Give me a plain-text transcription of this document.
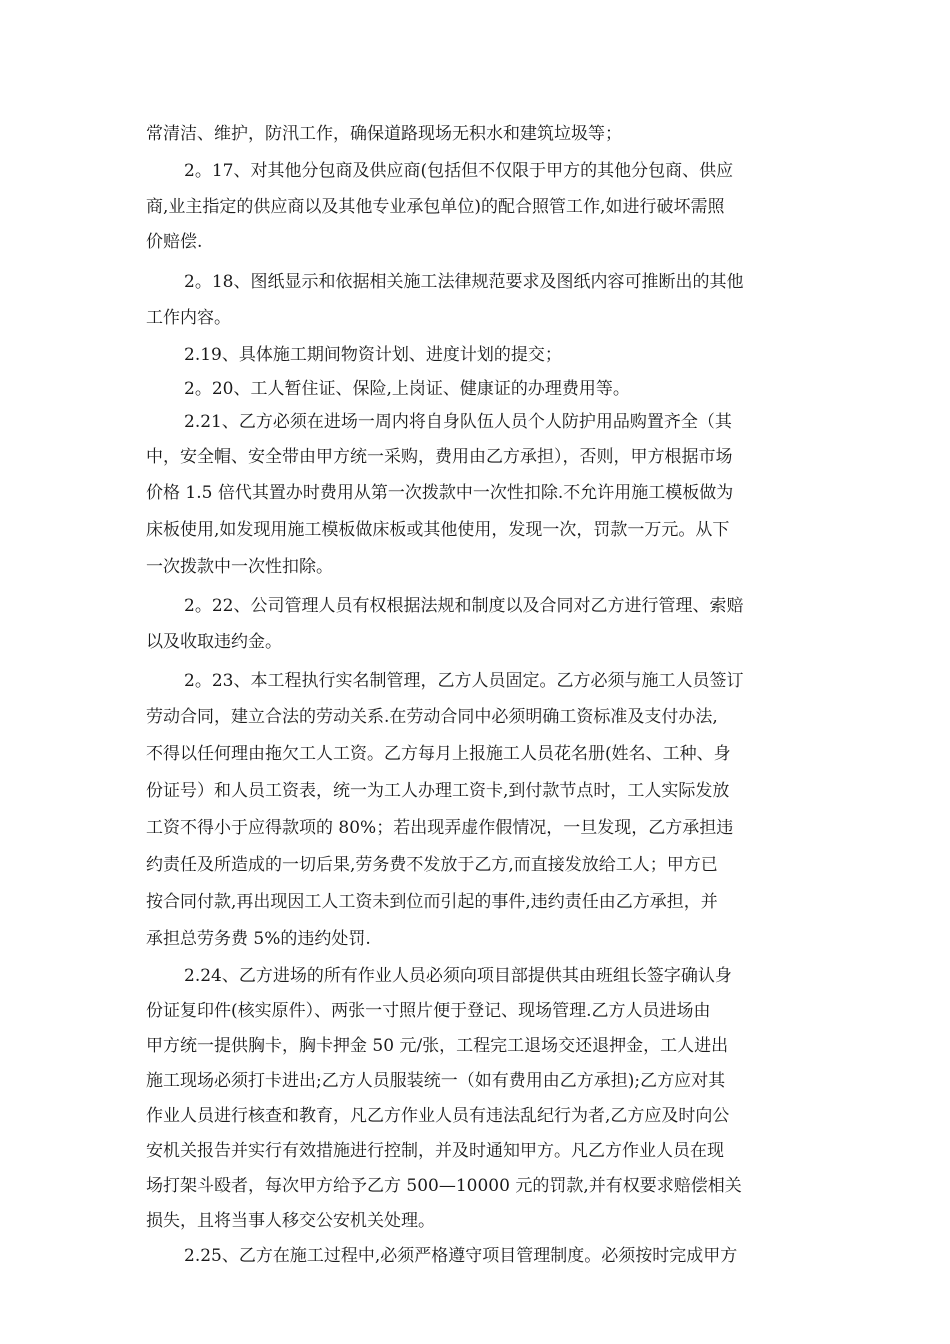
常清洁、维护，防汛工作，确保道路现场无积水和建筑垃圾等；
2。17、对其他分包商及供应商(包括但不仅限于甲方的其他分包商、供应
商,业主指定的供应商以及其他专业承包单位)的配合照管工作,如进行破坏需照
价赔偿.
2。18、图纸显示和依据相关施工法律规范要求及图纸内容可推断出的其他
工作内容。
2.19、具体施工期间物资计划、进度计划的提交；
2。20、工人暂住证、保险,上岗证、健康证的办理费用等。
2.21、乙方必须在进场一周内将自身队伍人员个人防护用品购置齐全（其
中，安全帽、安全带由甲方统一采购，费用由乙方承担），否则，甲方根据市场
价格 1.5 倍代其置办时费用从第一次拨款中一次性扣除.不允许用施工模板做为
床板使用,如发现用施工模板做床板或其他使用，发现一次，罚款一万元。从下
一次拨款中一次性扣除。
2。22、公司管理人员有权根据法规和制度以及合同对乙方进行管理、索赔
以及收取违约金。
2。23、本工程执行实名制管理，乙方人员固定。乙方必须与施工人员签订
劳动合同，建立合法的劳动关系.在劳动合同中必须明确工资标准及支付办法,
不得以任何理由拖欠工人工资。乙方每月上报施工人员花名册(姓名、工种、身
份证号）和人员工资表，统一为工人办理工资卡,到付款节点时，工人实际发放
工资不得小于应得款项的 80%；若出现弄虚作假情况，一旦发现，乙方承担违
约责任及所造成的一切后果,劳务费不发放于乙方,而直接发放给工人；甲方已
按合同付款,再出现因工人工资未到位而引起的事件,违约责任由乙方承担，并
承担总劳务费 5%的违约处罚.
2.24、乙方进场的所有作业人员必须向项目部提供其由班组长签字确认身
份证复印件(核实原件）、两张一寸照片便于登记、现场管理.乙方人员进场由
甲方统一提供胸卡，胸卡押金 50 元/张，工程完工退场交还退押金，工人进出
施工现场必须打卡进出;乙方人员服装统一（如有费用由乙方承担);乙方应对其
作业人员进行核查和教育，凡乙方作业人员有违法乱纪行为者,乙方应及时向公
安机关报告并实行有效措施进行控制，并及时通知甲方。凡乙方作业人员在现
场打架斗殴者，每次甲方给予乙方 500—10000 元的罚款,并有权要求赔偿相关
损失，且将当事人移交公安机关处理。
2.25、乙方在施工过程中,必须严格遵守项目管理制度。必须按时完成甲方
